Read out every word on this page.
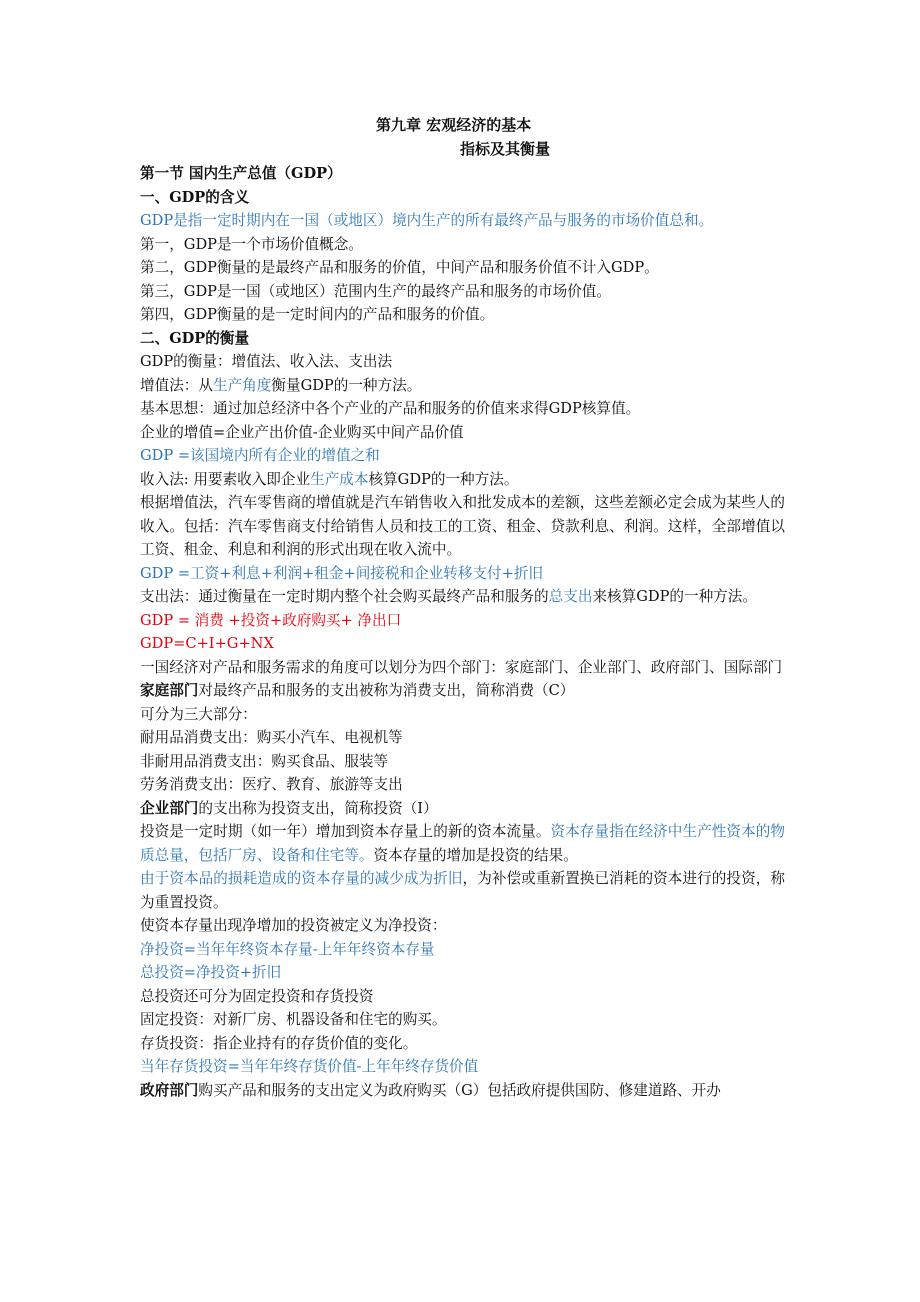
第九章 宏观经济的基本
指标及其衡量
第一节 国内生产总值（GDP）
一、GDP的含义
GDP是指一定时期内在一国（或地区）境内生产的所有最终产品与服务的市场价值总和。
第一，GDP是一个市场价值概念。
第二，GDP衡量的是最终产品和服务的价值，中间产品和服务价值不计入GDP。
第三，GDP是一国（或地区）范围内生产的最终产品和服务的市场价值。
第四，GDP衡量的是一定时间内的产品和服务的价值。
二、GDP的衡量
GDP的衡量：增值法、收入法、支出法
增值法：从生产角度衡量GDP的一种方法。
基本思想：通过加总经济中各个产业的产品和服务的价值来求得GDP核算值。
企业的增值=企业产出价值-企业购买中间产品价值
GDP =该国境内所有企业的增值之和
收入法: 用要素收入即企业生产成本核算GDP的一种方法。
根据增值法，汽车零售商的增值就是汽车销售收入和批发成本的差额，这些差额必定会成为某些人的收入。包括：汽车零售商支付给销售人员和技工的工资、租金、贷款利息、利润。这样，全部增值以工资、租金、利息和利润的形式出现在收入流中。
GDP =工资+利息+利润+租金+间接税和企业转移支付+折旧
支出法：通过衡量在一定时期内整个社会购买最终产品和服务的总支出来核算GDP的一种方法。
GDP = 消费 +投资+政府购买+ 净出口
GDP=C+I+G+NX
一国经济对产品和服务需求的角度可以划分为四个部门：家庭部门、企业部门、政府部门、国际部门
家庭部门对最终产品和服务的支出被称为消费支出，简称消费（C）
可分为三大部分：
耐用品消费支出：购买小汽车、电视机等
非耐用品消费支出：购买食品、服装等
劳务消费支出：医疗、教育、旅游等支出
企业部门的支出称为投资支出，简称投资（I）
投资是一定时期（如一年）增加到资本存量上的新的资本流量。资本存量指在经济中生产性资本的物质总量，包括厂房、设备和住宅等。资本存量的增加是投资的结果。
由于资本品的损耗造成的资本存量的减少成为折旧，为补偿或重新置换已消耗的资本进行的投资，称为重置投资。
使资本存量出现净增加的投资被定义为净投资：
净投资=当年年终资本存量-上年年终资本存量
总投资=净投资+折旧
总投资还可分为固定投资和存货投资
固定投资：对新厂房、机器设备和住宅的购买。
存货投资：指企业持有的存货价值的变化。
当年存货投资=当年年终存货价值-上年年终存货价值
政府部门购买产品和服务的支出定义为政府购买（G）包括政府提供国防、修建道路、开办
